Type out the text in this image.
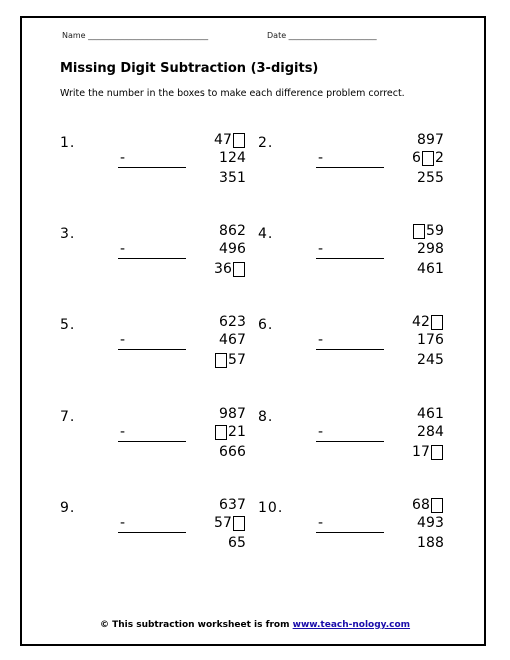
Name ______________________________	Date ______________________
Missing Digit Subtraction (3-digits)
Write the number in the boxes to make each difference problem correct.
1.	4 7
-	1 2 4
3 5 1
2.	8 9 7
-	6 2
2 5 5
3.	8 6 2
-	4 9 6
3 6
4.	5 9
-	2 9 8
4 6 1
5.	6 2 3
-	4 6 7
5 7
6.	4 2
-	1 7 6
2 4 5
7.	9 8 7
-	2 1
6 6 6
8.	4 6 1
-	2 8 4
1 7
9.	6 3 7
-	5 7
6 5
10.	6 8
-	4 9 3
1 8 8
© This subtraction worksheet is from www.teach-nology.com
